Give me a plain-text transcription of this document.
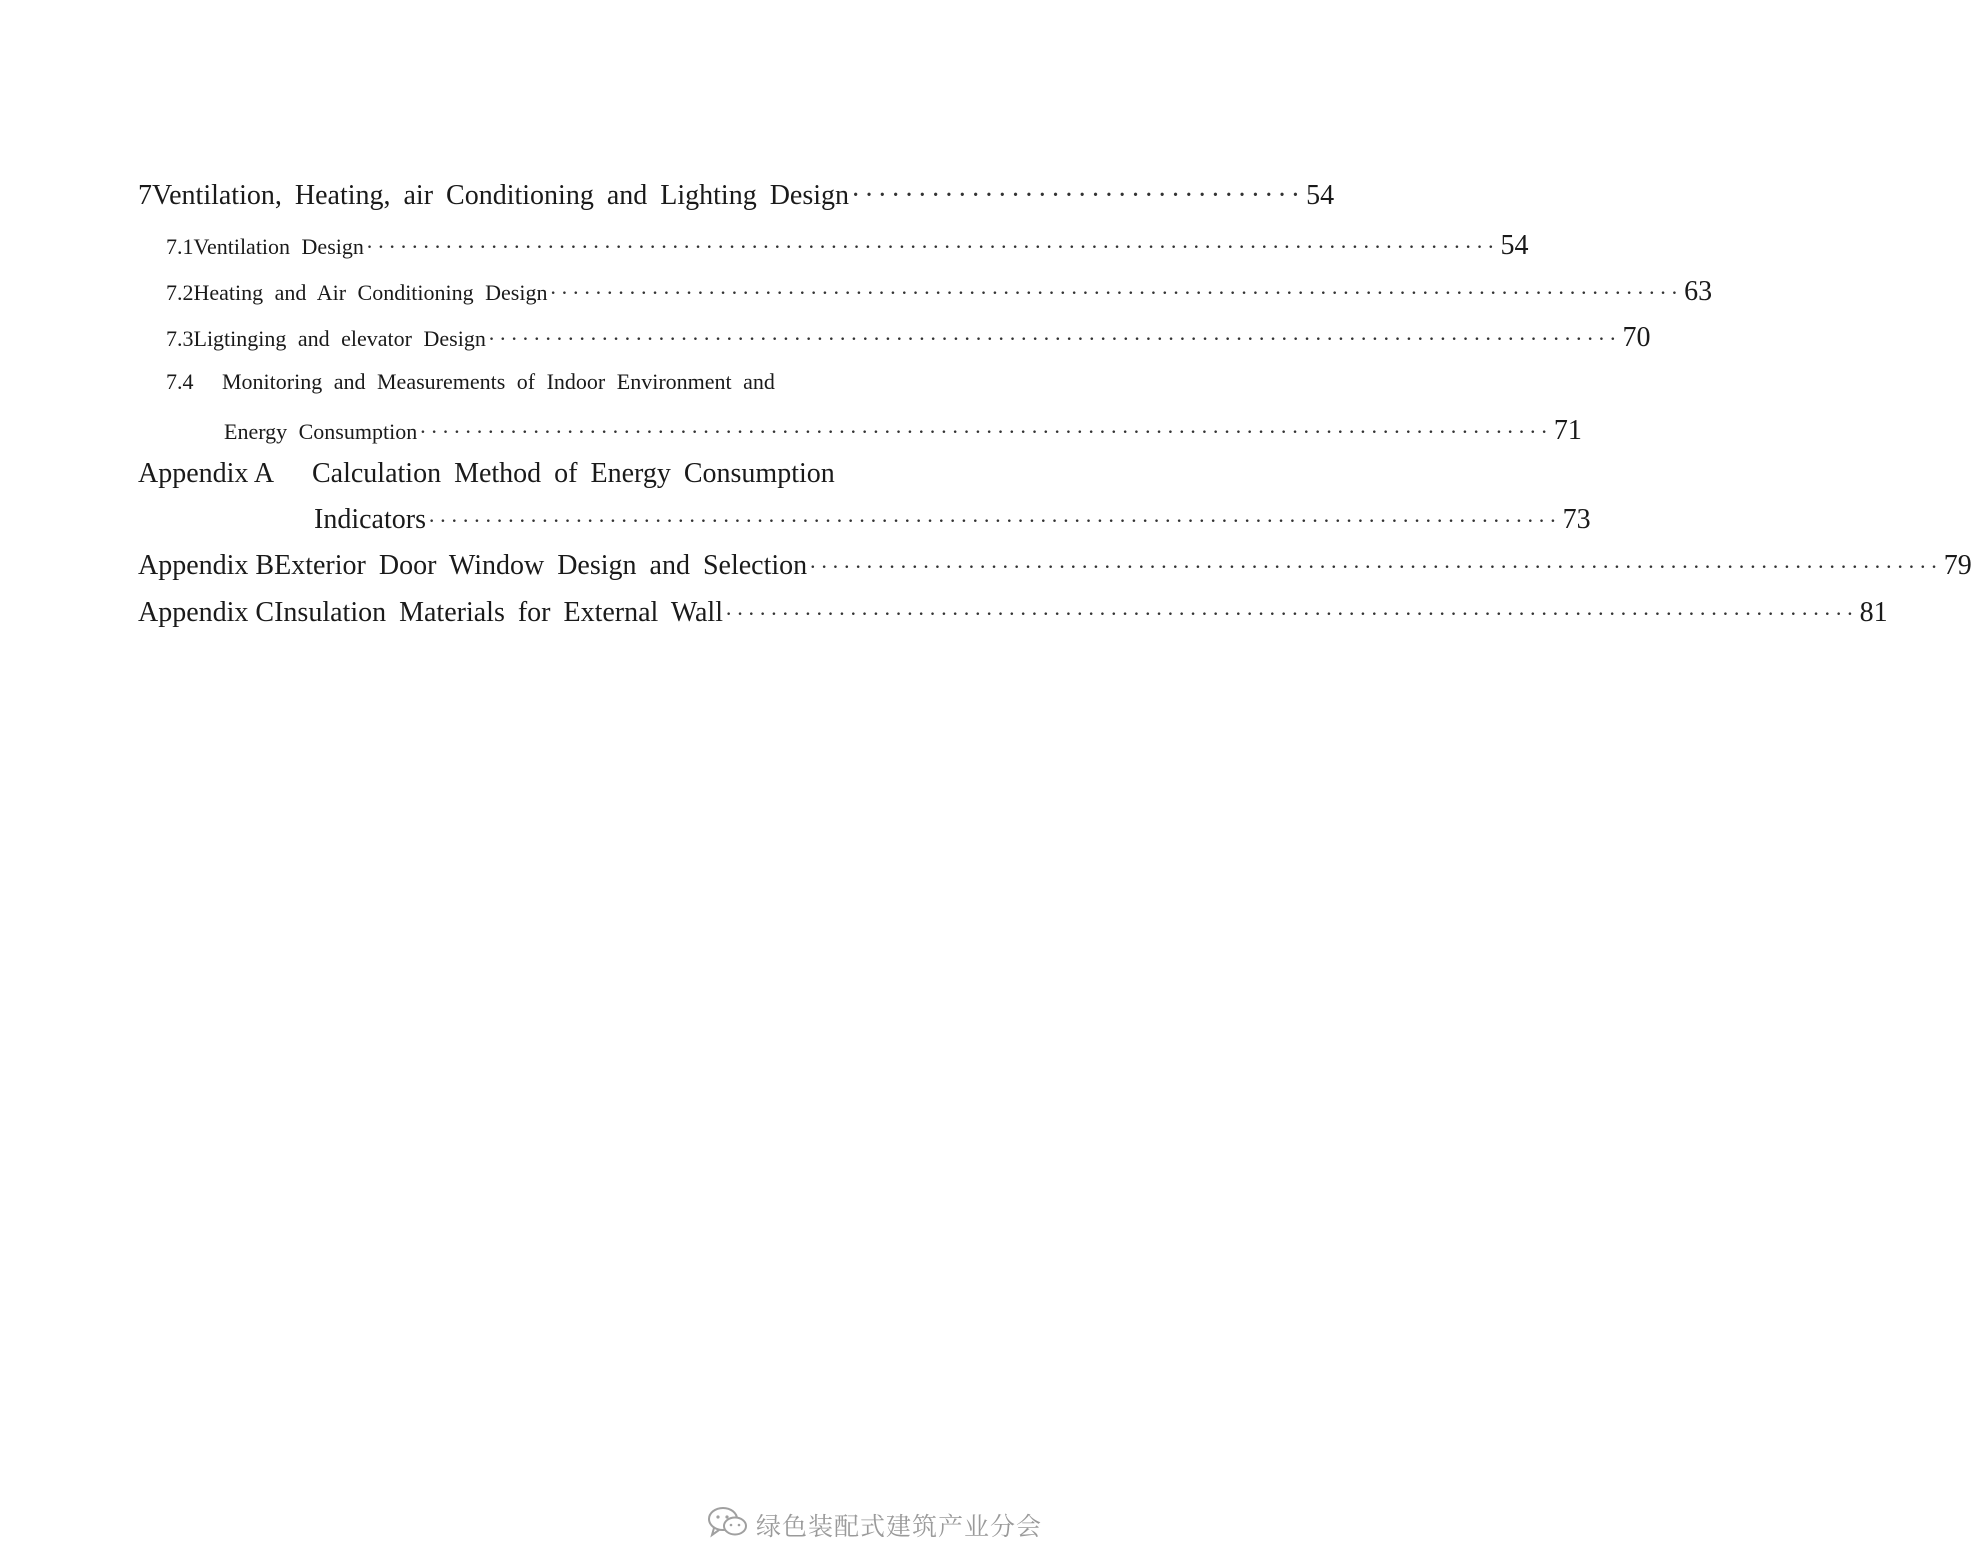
7 Ventilation, Heating, air Conditioning and Lighting Design ·································· 54
7.1 Ventilation Design ···································································································· 54
7.2 Heating and Air Conditioning Design ···································································································· 63
7.3 Ligtinging and elevator Design ···································································································· 70
7.4	Monitoring and Measurements of Indoor Environment and
Energy Consumption ···································································································· 71
Appendix A	Calculation Method of Energy Consumption
Indicators ···································································································· 73
Appendix B Exterior Door Window Design and Selection ···································································································· 79
Appendix C Insulation Materials for External Wall ···································································································· 81
绿色装配式建筑产业分会
